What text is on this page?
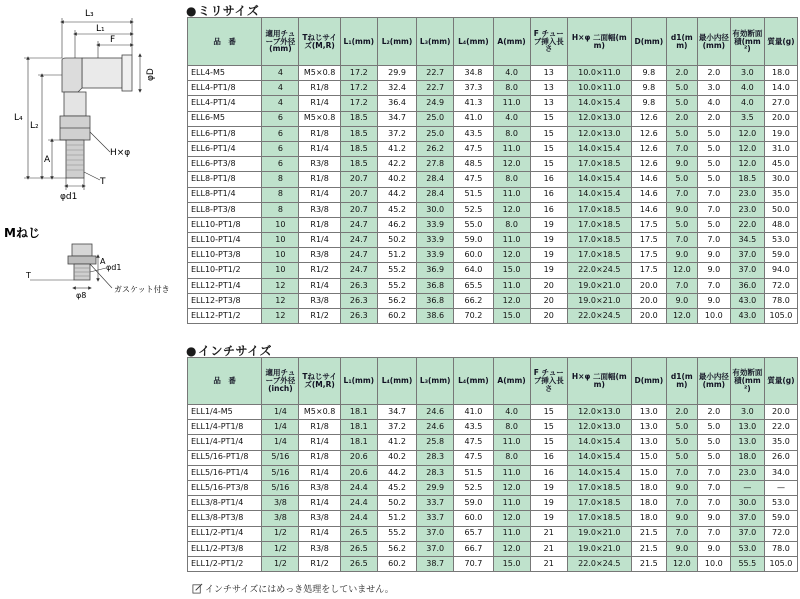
L₃
L₁
F
φD
L₄
L₂
A
H×φ
φd1
T
Mねじ
A
φd1
T
φ8
ガスケット付き
●ミリサイズ
品　番	適用チューブ外径(mm)	Tねじサイズ(M,R)	L₁(mm)	L₂(mm)	L₃(mm)	L₄(mm)	A(mm)	F チューブ挿入長さ	H×φ 二面幅(mm)	D(mm)	d1(mm)	最小内径(mm)	有効断面積(mm²)	質量(g)
ELL4-M5	4	M5×0.8	17.2	29.9	22.7	34.8	4.0	13	10.0×11.0	9.8	2.0	2.0	3.0	18.0
ELL4-PT1/8	4	R1/8	17.2	32.4	22.7	37.3	8.0	13	10.0×11.0	9.8	5.0	3.0	4.0	14.0
ELL4-PT1/4	4	R1/4	17.2	36.4	24.9	41.3	11.0	13	14.0×15.4	9.8	5.0	4.0	4.0	27.0
ELL6-M5	6	M5×0.8	18.5	34.7	25.0	41.0	4.0	15	12.0×13.0	12.6	2.0	2.0	3.5	20.0
ELL6-PT1/8	6	R1/8	18.5	37.2	25.0	43.5	8.0	15	12.0×13.0	12.6	5.0	5.0	12.0	19.0
ELL6-PT1/4	6	R1/4	18.5	41.2	26.2	47.5	11.0	15	14.0×15.4	12.6	7.0	5.0	12.0	31.0
ELL6-PT3/8	6	R3/8	18.5	42.2	27.8	48.5	12.0	15	17.0×18.5	12.6	9.0	5.0	12.0	45.0
ELL8-PT1/8	8	R1/8	20.7	40.2	28.4	47.5	8.0	16	14.0×15.4	14.6	5.0	5.0	18.5	30.0
ELL8-PT1/4	8	R1/4	20.7	44.2	28.4	51.5	11.0	16	14.0×15.4	14.6	7.0	7.0	23.0	35.0
ELL8-PT3/8	8	R3/8	20.7	45.2	30.0	52.5	12.0	16	17.0×18.5	14.6	9.0	7.0	23.0	50.0
ELL10-PT1/8	10	R1/8	24.7	46.2	33.9	55.0	8.0	19	17.0×18.5	17.5	5.0	5.0	22.0	48.0
ELL10-PT1/4	10	R1/4	24.7	50.2	33.9	59.0	11.0	19	17.0×18.5	17.5	7.0	7.0	34.5	53.0
ELL10-PT3/8	10	R3/8	24.7	51.2	33.9	60.0	12.0	19	17.0×18.5	17.5	9.0	9.0	37.0	59.0
ELL10-PT1/2	10	R1/2	24.7	55.2	36.9	64.0	15.0	19	22.0×24.5	17.5	12.0	9.0	37.0	94.0
ELL12-PT1/4	12	R1/4	26.3	55.2	36.8	65.5	11.0	20	19.0×21.0	20.0	7.0	7.0	36.0	72.0
ELL12-PT3/8	12	R3/8	26.3	56.2	36.8	66.2	12.0	20	19.0×21.0	20.0	9.0	9.0	43.0	78.0
ELL12-PT1/2	12	R1/2	26.3	60.2	38.6	70.2	15.0	20	22.0×24.5	20.0	12.0	10.0	43.0	105.0
●インチサイズ
品　番	適用チューブ外径(inch)	Tねじサイズ(M,R)	L₁(mm)	L₄(mm)	L₃(mm)	L₄(mm)	A(mm)	F チューブ挿入長さ	H×φ 二面幅(mm)	D(mm)	d1(mm)	最小内径(mm)	有効断面積(mm²)	質量(g)
ELL1/4-M5	1/4	M5×0.8	18.1	34.7	24.6	41.0	4.0	15	12.0×13.0	13.0	2.0	2.0	3.0	20.0
ELL1/4-PT1/8	1/4	R1/8	18.1	37.2	24.6	43.5	8.0	15	12.0×13.0	13.0	5.0	5.0	13.0	22.0
ELL1/4-PT1/4	1/4	R1/4	18.1	41.2	25.8	47.5	11.0	15	14.0×15.4	13.0	5.0	5.0	13.0	35.0
ELL5/16-PT1/8	5/16	R1/8	20.6	40.2	28.3	47.5	8.0	16	14.0×15.4	15.0	5.0	5.0	18.0	26.0
ELL5/16-PT1/4	5/16	R1/4	20.6	44.2	28.3	51.5	11.0	16	14.0×15.4	15.0	7.0	7.0	23.0	34.0
ELL5/16-PT3/8	5/16	R3/8	24.4	45.2	29.9	52.5	12.0	19	17.0×18.5	18.0	9.0	7.0	—	—
ELL3/8-PT1/4	3/8	R1/4	24.4	50.2	33.7	59.0	11.0	19	17.0×18.5	18.0	7.0	7.0	30.0	53.0
ELL3/8-PT3/8	3/8	R3/8	24.4	51.2	33.7	60.0	12.0	19	17.0×18.5	18.0	9.0	9.0	37.0	59.0
ELL1/2-PT1/4	1/2	R1/4	26.5	55.2	37.0	65.7	11.0	21	19.0×21.0	21.5	7.0	7.0	37.0	72.0
ELL1/2-PT3/8	1/2	R3/8	26.5	56.2	37.0	66.7	12.0	21	19.0×21.0	21.5	9.0	9.0	53.0	78.0
ELL1/2-PT1/2	1/2	R1/2	26.5	60.2	38.7	70.7	15.0	21	22.0×24.5	21.5	12.0	10.0	55.5	105.0
インチサイズにはめっき処理をしていません。
